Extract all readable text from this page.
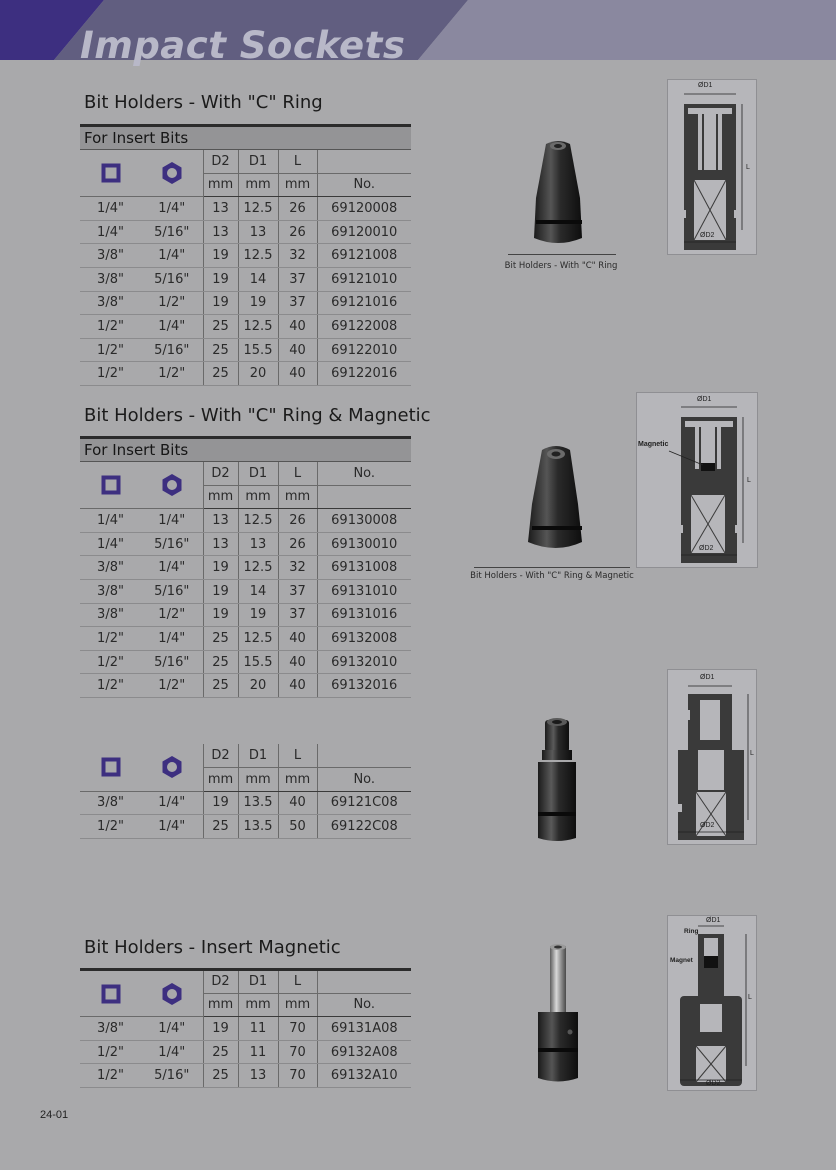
Impact Sockets
Bit Holders - With "C" Ring
For Insert Bits					

	D2	D1	L	
		mm	mm	mm	No.
1/4"	1/4"	13	12.5	26	69120008
1/4"	5/16"	13	13	26	69120010
3/8"	1/4"	19	12.5	32	69121008
3/8"	5/16"	19	14	37	69121010
3/8"	1/2"	19	19	37	69121016
1/2"	1/4"	25	12.5	40	69122008
1/2"	5/16"	25	15.5	40	69122010
1/2"	1/2"	25	20	40	69122016
Bit Holders - With "C" Ring
ØD1
L
ØD2
Bit Holders - With "C" Ring & Magnetic
For Insert Bits					

	D2	D1	L	No.
		mm	mm	mm	
1/4"	1/4"	13	12.5	26	69130008
1/4"	5/16"	13	13	26	69130010
3/8"	1/4"	19	12.5	32	69131008
3/8"	5/16"	19	14	37	69131010
3/8"	1/2"	19	19	37	69131016
1/2"	1/4"	25	12.5	40	69132008
1/2"	5/16"	25	15.5	40	69132010
1/2"	1/2"	25	20	40	69132016
Bit Holders - With "C" Ring & Magnetic
ØD1
Magnetic
L
ØD2

	D2	D1	L	
		mm	mm	mm	No.
3/8"	1/4"	19	13.5	40	69121C08
1/2"	1/4"	25	13.5	50	69122C08
ØD1
L
ØD2
Bit Holders - Insert Magnetic

	D2	D1	L	
		mm	mm	mm	No.
3/8"	1/4"	19	11	70	69131A08
1/2"	1/4"	25	11	70	69132A08
1/2"	5/16"	25	13	70	69132A10
ØD1
Ring
Magnet
L
ØD2
24-01
